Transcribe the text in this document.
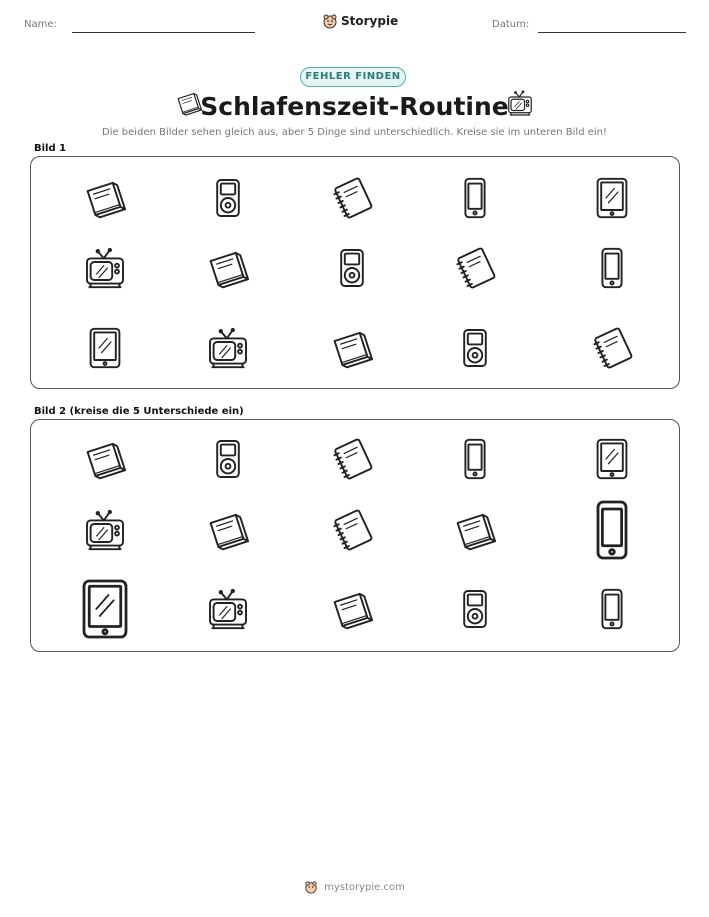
Name:	Storypie	Datum:
FEHLER FINDEN
Schlafenszeit-Routine
Die beiden Bilder sehen gleich aus, aber 5 Dinge sind unterschiedlich. Kreise sie im unteren Bild ein!
Bild 1
Bild 2 (kreise die 5 Unterschiede ein)
mystorypie.com
